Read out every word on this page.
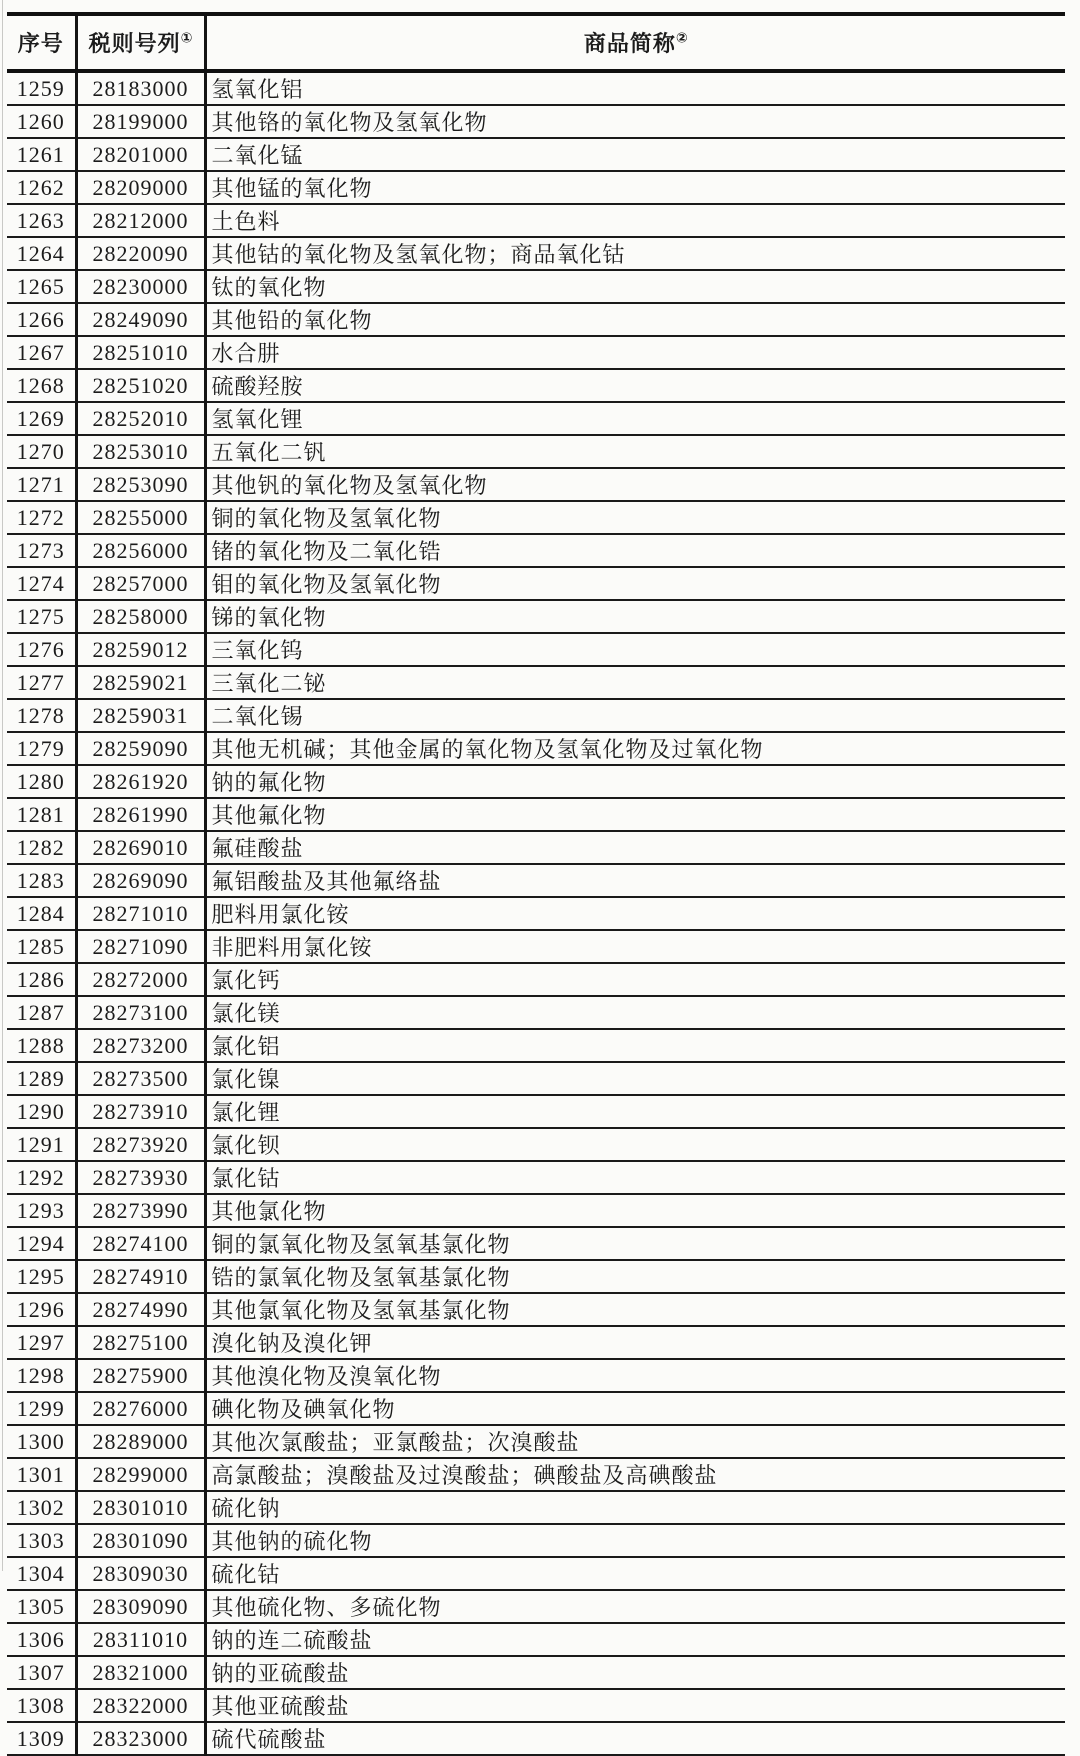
序号	税则号列①	商品简称②
1259	28183000	氢氧化铝
1260	28199000	其他铬的氧化物及氢氧化物
1261	28201000	二氧化锰
1262	28209000	其他锰的氧化物
1263	28212000	土色料
1264	28220090	其他钴的氧化物及氢氧化物；商品氧化钴
1265	28230000	钛的氧化物
1266	28249090	其他铅的氧化物
1267	28251010	水合肼
1268	28251020	硫酸羟胺
1269	28252010	氢氧化锂
1270	28253010	五氧化二钒
1271	28253090	其他钒的氧化物及氢氧化物
1272	28255000	铜的氧化物及氢氧化物
1273	28256000	锗的氧化物及二氧化锆
1274	28257000	钼的氧化物及氢氧化物
1275	28258000	锑的氧化物
1276	28259012	三氧化钨
1277	28259021	三氧化二铋
1278	28259031	二氧化锡
1279	28259090	其他无机碱；其他金属的氧化物及氢氧化物及过氧化物
1280	28261920	钠的氟化物
1281	28261990	其他氟化物
1282	28269010	氟硅酸盐
1283	28269090	氟铝酸盐及其他氟络盐
1284	28271010	肥料用氯化铵
1285	28271090	非肥料用氯化铵
1286	28272000	氯化钙
1287	28273100	氯化镁
1288	28273200	氯化铝
1289	28273500	氯化镍
1290	28273910	氯化锂
1291	28273920	氯化钡
1292	28273930	氯化钴
1293	28273990	其他氯化物
1294	28274100	铜的氯氧化物及氢氧基氯化物
1295	28274910	锆的氯氧化物及氢氧基氯化物
1296	28274990	其他氯氧化物及氢氧基氯化物
1297	28275100	溴化钠及溴化钾
1298	28275900	其他溴化物及溴氧化物
1299	28276000	碘化物及碘氧化物
1300	28289000	其他次氯酸盐；亚氯酸盐；次溴酸盐
1301	28299000	高氯酸盐；溴酸盐及过溴酸盐；碘酸盐及高碘酸盐
1302	28301010	硫化钠
1303	28301090	其他钠的硫化物
1304	28309030	硫化钴
1305	28309090	其他硫化物、多硫化物
1306	28311010	钠的连二硫酸盐
1307	28321000	钠的亚硫酸盐
1308	28322000	其他亚硫酸盐
1309	28323000	硫代硫酸盐
